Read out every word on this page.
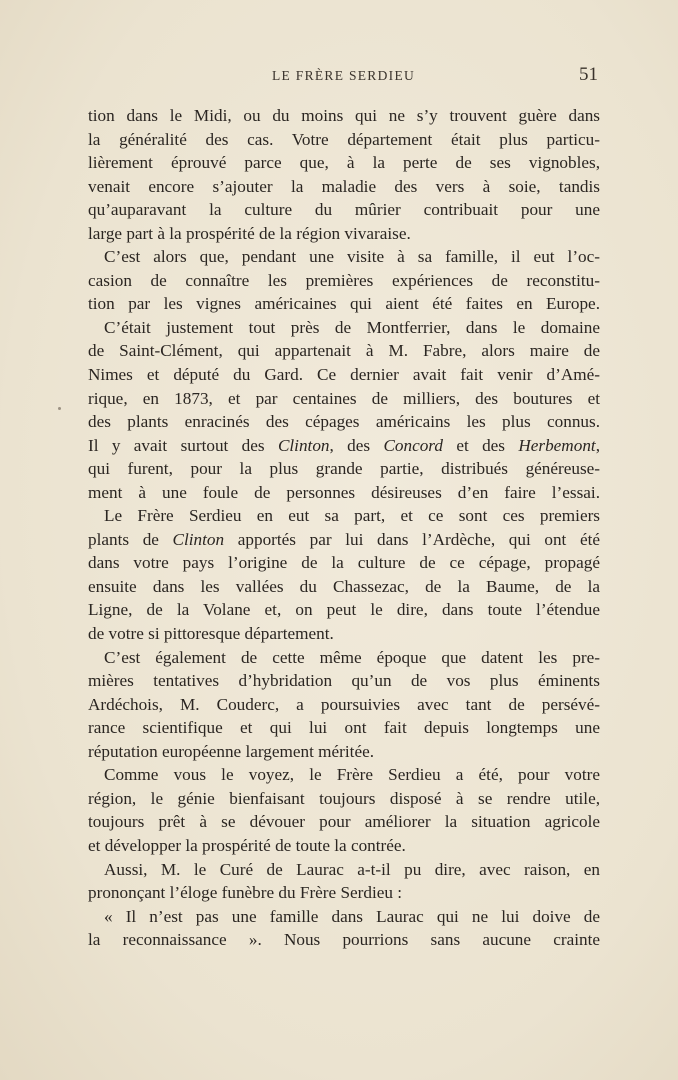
LE FRÈRE SERDIEU	51
tion dans le Midi, ou du moins qui ne s’y trouvent guère dans
la généralité des cas. Votre département était plus particu-
lièrement éprouvé parce que, à la perte de ses vignobles,
venait encore s’ajouter la maladie des vers à soie, tandis
qu’auparavant la culture du mûrier contribuait pour une
large part à la prospérité de la région vivaraise.
C’est alors que, pendant une visite à sa famille, il eut l’oc-
casion de connaître les premières expériences de reconstitu-
tion par les vignes américaines qui aient été faites en Europe.
C’était justement tout près de Montferrier, dans le domaine
de Saint-Clément, qui appartenait à M. Fabre, alors maire de
Nimes et député du Gard. Ce dernier avait fait venir d’Amé-
rique, en 1873, et par centaines de milliers, des boutures et
des plants enracinés des cépages américains les plus connus.
Il y avait surtout des Clinton, des Concord et des Herbemont,
qui furent, pour la plus grande partie, distribués généreuse-
ment à une foule de personnes désireuses d’en faire l’essai.
Le Frère Serdieu en eut sa part, et ce sont ces premiers
plants de Clinton apportés par lui dans l’Ardèche, qui ont été
dans votre pays l’origine de la culture de ce cépage, propagé
ensuite dans les vallées du Chassezac, de la Baume, de la
Ligne, de la Volane et, on peut le dire, dans toute l’étendue
de votre si pittoresque département.
C’est également de cette même époque que datent les pre-
mières tentatives d’hybridation qu’un de vos plus éminents
Ardéchois, M. Couderc, a poursuivies avec tant de persévé-
rance scientifique et qui lui ont fait depuis longtemps une
réputation européenne largement méritée.
Comme vous le voyez, le Frère Serdieu a été, pour votre
région, le génie bienfaisant toujours disposé à se rendre utile,
toujours prêt à se dévouer pour améliorer la situation agricole
et développer la prospérité de toute la contrée.
Aussi, M. le Curé de Laurac a-t-il pu dire, avec raison, en
prononçant l’éloge funèbre du Frère Serdieu :
« Il n’est pas une famille dans Laurac qui ne lui doive de
la reconnaissance ». Nous pourrions sans aucune crainte
